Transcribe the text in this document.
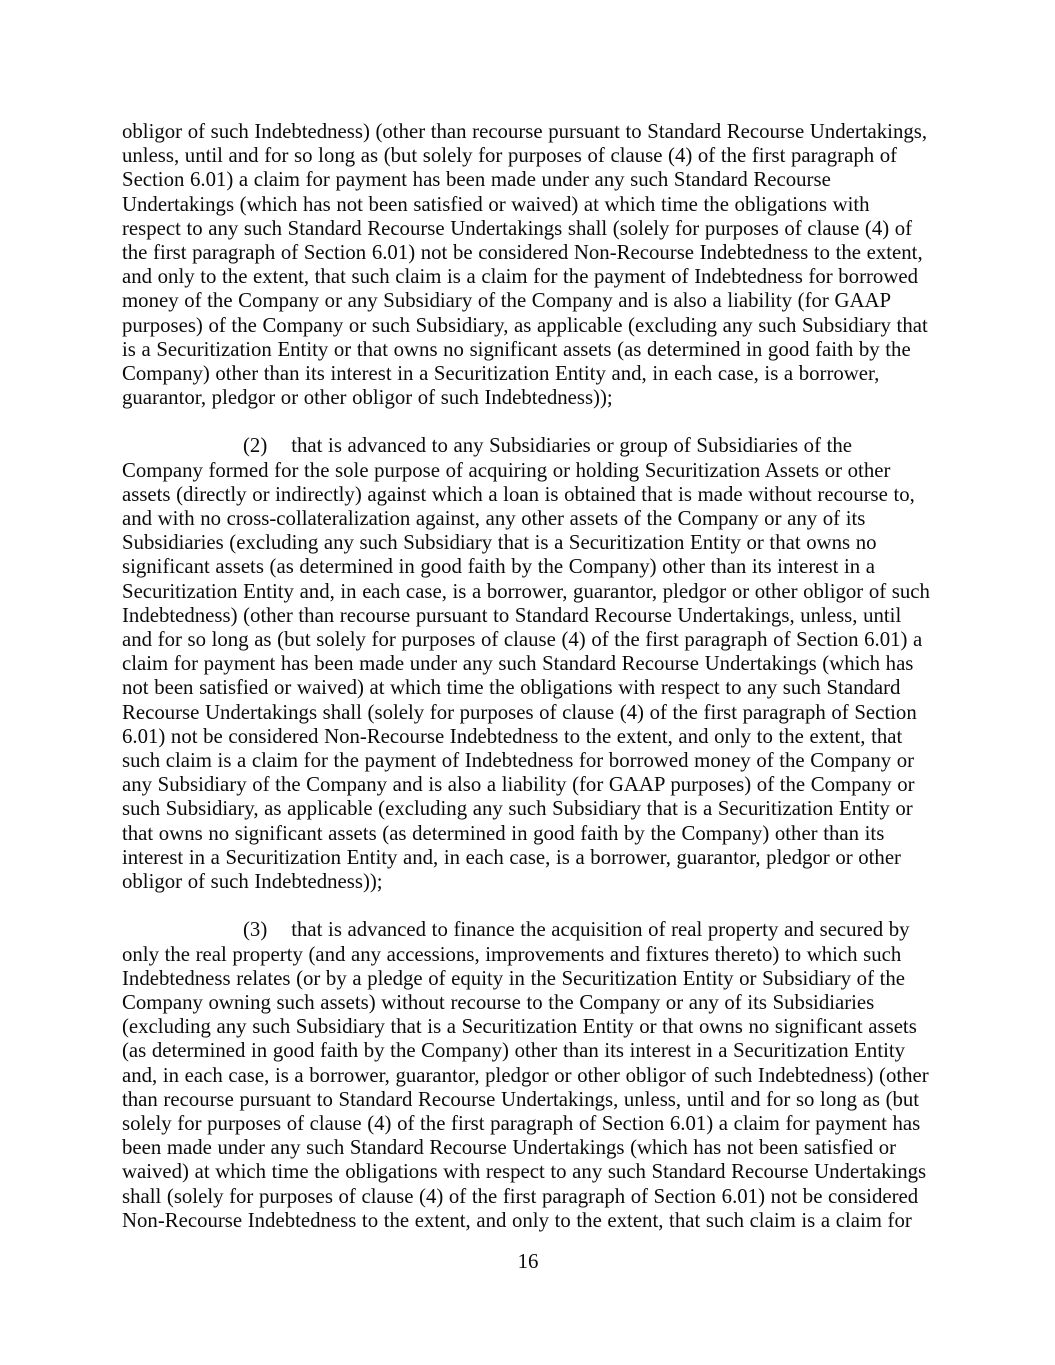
obligor of such Indebtedness) (other than recourse pursuant to Standard Recourse Undertakings, unless, until and for so long as (but solely for purposes of clause (4) of the first paragraph of Section 6.01) a claim for payment has been made under any such Standard Recourse Undertakings (which has not been satisfied or waived) at which time the obligations with respect to any such Standard Recourse Undertakings shall (solely for purposes of clause (4) of the first paragraph of Section 6.01) not be considered Non-Recourse Indebtedness to the extent, and only to the extent, that such claim is a claim for the payment of Indebtedness for borrowed money of the Company or any Subsidiary of the Company and is also a liability (for GAAP purposes) of the Company or such Subsidiary, as applicable (excluding any such Subsidiary that is a Securitization Entity or that owns no significant assets (as determined in good faith by the Company) other than its interest in a Securitization Entity and, in each case, is a borrower, guarantor, pledgor or other obligor of such Indebtedness));

(2) that is advanced to any Subsidiaries or group of Subsidiaries of the Company formed for the sole purpose of acquiring or holding Securitization Assets or other assets (directly or indirectly) against which a loan is obtained that is made without recourse to, and with no cross-collateralization against, any other assets of the Company or any of its Subsidiaries (excluding any such Subsidiary that is a Securitization Entity or that owns no significant assets (as determined in good faith by the Company) other than its interest in a Securitization Entity and, in each case, is a borrower, guarantor, pledgor or other obligor of such Indebtedness) (other than recourse pursuant to Standard Recourse Undertakings, unless, until and for so long as (but solely for purposes of clause (4) of the first paragraph of Section 6.01) a claim for payment has been made under any such Standard Recourse Undertakings (which has not been satisfied or waived) at which time the obligations with respect to any such Standard Recourse Undertakings shall (solely for purposes of clause (4) of the first paragraph of Section 6.01) not be considered Non-Recourse Indebtedness to the extent, and only to the extent, that such claim is a claim for the payment of Indebtedness for borrowed money of the Company or any Subsidiary of the Company and is also a liability (for GAAP purposes) of the Company or such Subsidiary, as applicable (excluding any such Subsidiary that is a Securitization Entity or that owns no significant assets (as determined in good faith by the Company) other than its interest in a Securitization Entity and, in each case, is a borrower, guarantor, pledgor or other obligor of such Indebtedness));

(3) that is advanced to finance the acquisition of real property and secured by only the real property (and any accessions, improvements and fixtures thereto) to which such Indebtedness relates (or by a pledge of equity in the Securitization Entity or Subsidiary of the Company owning such assets) without recourse to the Company or any of its Subsidiaries (excluding any such Subsidiary that is a Securitization Entity or that owns no significant assets (as determined in good faith by the Company) other than its interest in a Securitization Entity and, in each case, is a borrower, guarantor, pledgor or other obligor of such Indebtedness) (other than recourse pursuant to Standard Recourse Undertakings, unless, until and for so long as (but solely for purposes of clause (4) of the first paragraph of Section 6.01) a claim for payment has been made under any such Standard Recourse Undertakings (which has not been satisfied or waived) at which time the obligations with respect to any such Standard Recourse Undertakings shall (solely for purposes of clause (4) of the first paragraph of Section 6.01) not be considered Non-Recourse Indebtedness to the extent, and only to the extent, that such claim is a claim for

16
